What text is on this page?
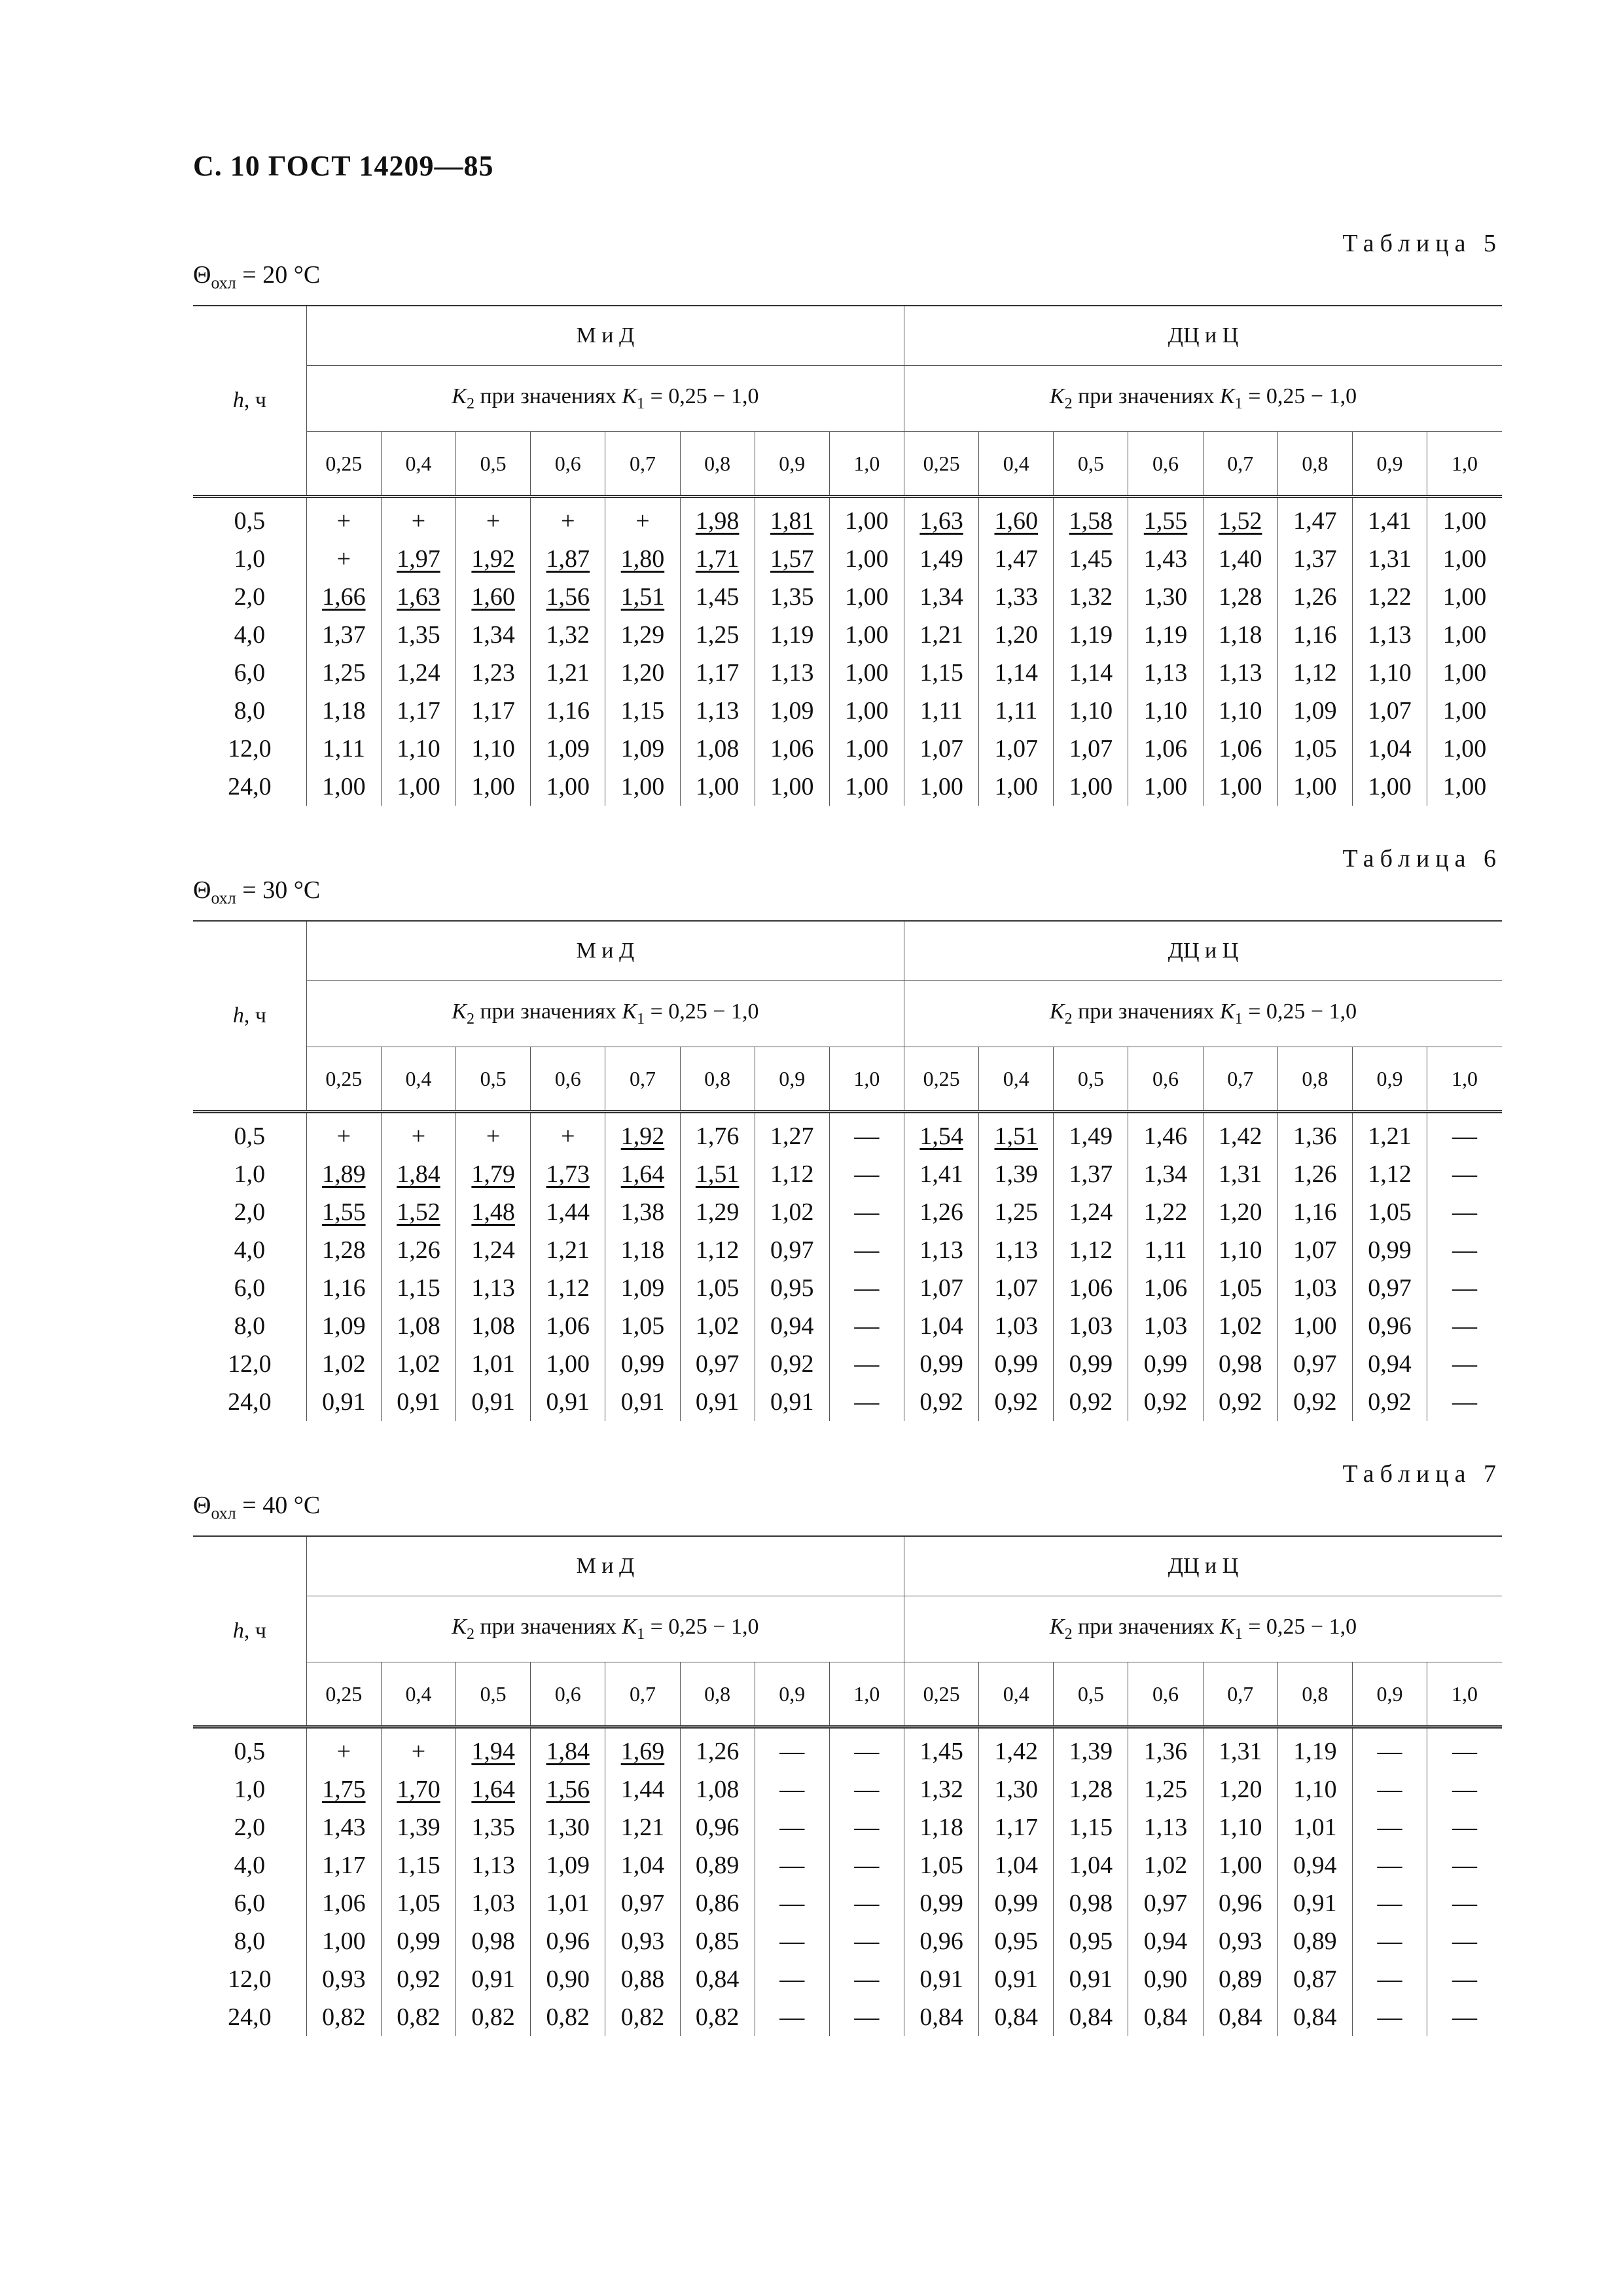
С. 10 ГОСТ 14209—85
Таблица 5
$\Theta_{охл} = 20$ °C
h, ч	М и Д								ДЦ и Ц							
	$K_2$ при значениях $K_1 = 0,25 - 1,0$								$K_2$ при значениях $K_1 = 0,25 - 1,0$							
	0,25	0,4	0,5	0,6	0,7	0,8	0,9	1,0	0,25	0,4	0,5	0,6	0,7	0,8	0,9	1,0
0,5	+	+	+	+	+	1,98	1,81	1,00	1,63	1,60	1,58	1,55	1,52	1,47	1,41	1,00
1,0	+	1,97	1,92	1,87	1,80	1,71	1,57	1,00	1,49	1,47	1,45	1,43	1,40	1,37	1,31	1,00
2,0	1,66	1,63	1,60	1,56	1,51	1,45	1,35	1,00	1,34	1,33	1,32	1,30	1,28	1,26	1,22	1,00
4,0	1,37	1,35	1,34	1,32	1,29	1,25	1,19	1,00	1,21	1,20	1,19	1,19	1,18	1,16	1,13	1,00
6,0	1,25	1,24	1,23	1,21	1,20	1,17	1,13	1,00	1,15	1,14	1,14	1,13	1,13	1,12	1,10	1,00
8,0	1,18	1,17	1,17	1,16	1,15	1,13	1,09	1,00	1,11	1,11	1,10	1,10	1,10	1,09	1,07	1,00
12,0	1,11	1,10	1,10	1,09	1,09	1,08	1,06	1,00	1,07	1,07	1,07	1,06	1,06	1,05	1,04	1,00
24,0	1,00	1,00	1,00	1,00	1,00	1,00	1,00	1,00	1,00	1,00	1,00	1,00	1,00	1,00	1,00	1,00
Таблица 6
$\Theta_{охл} = 30$ °C
h, ч	М и Д								ДЦ и Ц							
	$K_2$ при значениях $K_1 = 0,25 - 1,0$								$K_2$ при значениях $K_1 = 0,25 - 1,0$							
	0,25	0,4	0,5	0,6	0,7	0,8	0,9	1,0	0,25	0,4	0,5	0,6	0,7	0,8	0,9	1,0
0,5	+	+	+	+	1,92	1,76	1,27	—	1,54	1,51	1,49	1,46	1,42	1,36	1,21	—
1,0	1,89	1,84	1,79	1,73	1,64	1,51	1,12	—	1,41	1,39	1,37	1,34	1,31	1,26	1,12	—
2,0	1,55	1,52	1,48	1,44	1,38	1,29	1,02	—	1,26	1,25	1,24	1,22	1,20	1,16	1,05	—
4,0	1,28	1,26	1,24	1,21	1,18	1,12	0,97	—	1,13	1,13	1,12	1,11	1,10	1,07	0,99	—
6,0	1,16	1,15	1,13	1,12	1,09	1,05	0,95	—	1,07	1,07	1,06	1,06	1,05	1,03	0,97	—
8,0	1,09	1,08	1,08	1,06	1,05	1,02	0,94	—	1,04	1,03	1,03	1,03	1,02	1,00	0,96	—
12,0	1,02	1,02	1,01	1,00	0,99	0,97	0,92	—	0,99	0,99	0,99	0,99	0,98	0,97	0,94	—
24,0	0,91	0,91	0,91	0,91	0,91	0,91	0,91	—	0,92	0,92	0,92	0,92	0,92	0,92	0,92	—
Таблица 7
$\Theta_{охл} = 40$ °C
h, ч	М и Д								ДЦ и Ц							
	$K_2$ при значениях $K_1 = 0,25 - 1,0$								$K_2$ при значениях $K_1 = 0,25 - 1,0$							
	0,25	0,4	0,5	0,6	0,7	0,8	0,9	1,0	0,25	0,4	0,5	0,6	0,7	0,8	0,9	1,0
0,5	+	+	1,94	1,84	1,69	1,26	—	—	1,45	1,42	1,39	1,36	1,31	1,19	—	—
1,0	1,75	1,70	1,64	1,56	1,44	1,08	—	—	1,32	1,30	1,28	1,25	1,20	1,10	—	—
2,0	1,43	1,39	1,35	1,30	1,21	0,96	—	—	1,18	1,17	1,15	1,13	1,10	1,01	—	—
4,0	1,17	1,15	1,13	1,09	1,04	0,89	—	—	1,05	1,04	1,04	1,02	1,00	0,94	—	—
6,0	1,06	1,05	1,03	1,01	0,97	0,86	—	—	0,99	0,99	0,98	0,97	0,96	0,91	—	—
8,0	1,00	0,99	0,98	0,96	0,93	0,85	—	—	0,96	0,95	0,95	0,94	0,93	0,89	—	—
12,0	0,93	0,92	0,91	0,90	0,88	0,84	—	—	0,91	0,91	0,91	0,90	0,89	0,87	—	—
24,0	0,82	0,82	0,82	0,82	0,82	0,82	—	—	0,84	0,84	0,84	0,84	0,84	0,84	—	—
